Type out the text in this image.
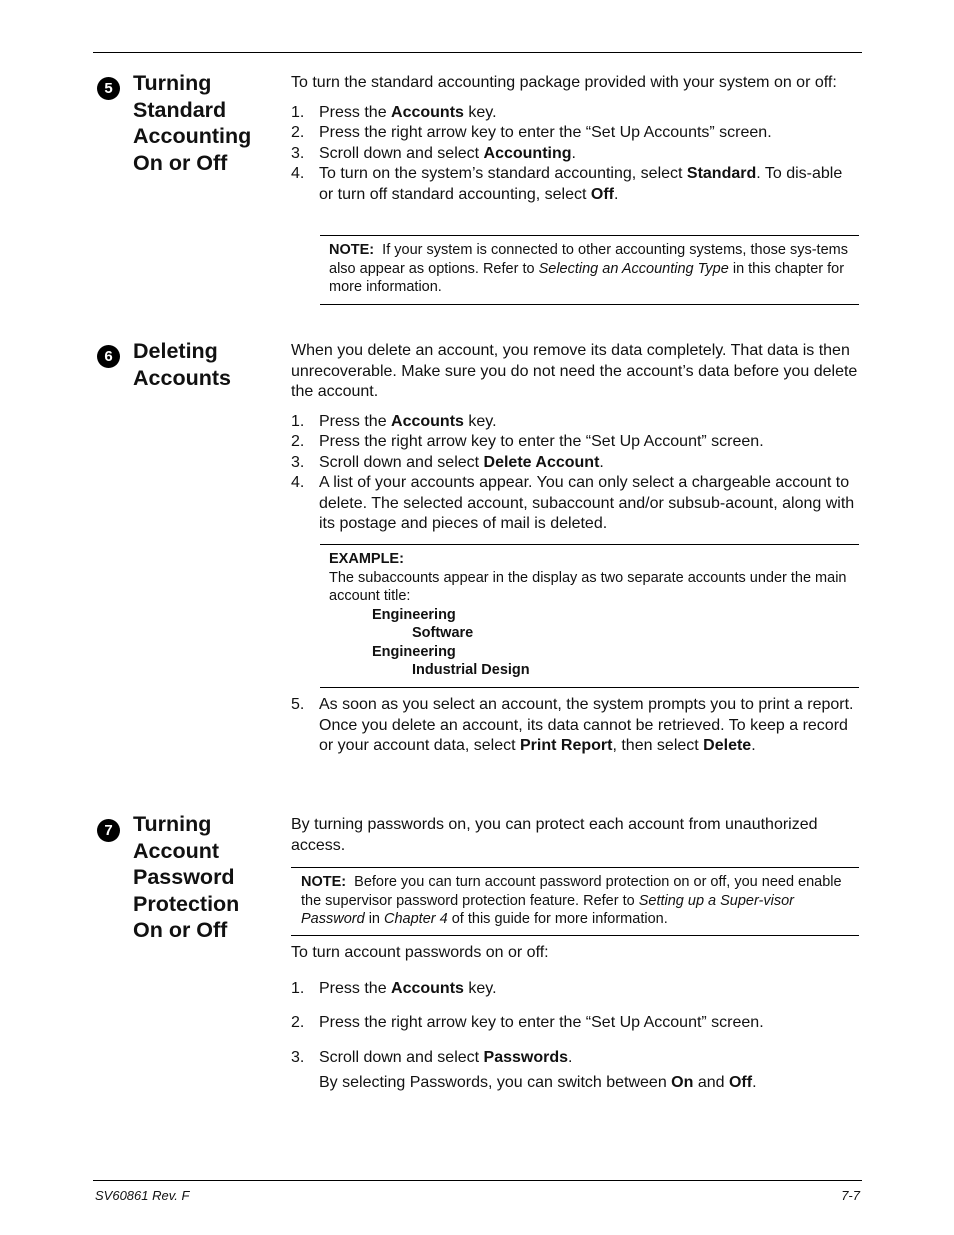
5 Turning
Standard
Accounting
On or Off

To turn the standard accounting package provided with your system on or off:

1. Press the Accounts key.
2. Press the right arrow key to enter the “Set Up Accounts” screen.
3. Scroll down and select Accounting.
4. To turn on the system’s standard accounting, select Standard. To dis-able or turn off standard accounting, select Off.
NOTE: If your system is connected to other accounting systems, those sys-tems also appear as options. Refer to Selecting an Accounting Type in this chapter for more information.
6 Deleting
Accounts

When you delete an account, you remove its data completely. That data is then unrecoverable. Make sure you do not need the account’s data before you delete the account.

1. Press the Accounts key.
2. Press the right arrow key to enter the “Set Up Account” screen.
3. Scroll down and select Delete Account.
4. A list of your accounts appear. You can only select a chargeable account to delete. The selected account, subaccount and/or subsub-acount, along with its postage and pieces of mail is deleted.
EXAMPLE:
The subaccounts appear in the display as two separate accounts under the main account title:
Engineering
Software
Engineering
Industrial Design
5. As soon as you select an account, the system prompts you to print a report. Once you delete an account, its data cannot be retrieved. To keep a record or your account data, select Print Report, then select Delete.
7 Turning
Account
Password
Protection
On or Off

By turning passwords on, you can protect each account from unauthorized access.

NOTE: Before you can turn account password protection on or off, you need enable the supervisor password protection feature. Refer to Setting up a Super-visor Password in Chapter 4 of this guide for more information.

To turn account passwords on or off:

1. Press the Accounts key.
2. Press the right arrow key to enter the “Set Up Account” screen.
3. Scroll down and select Passwords.

By selecting Passwords, you can switch between On and Off.

SV60861 Rev. F	7-7
